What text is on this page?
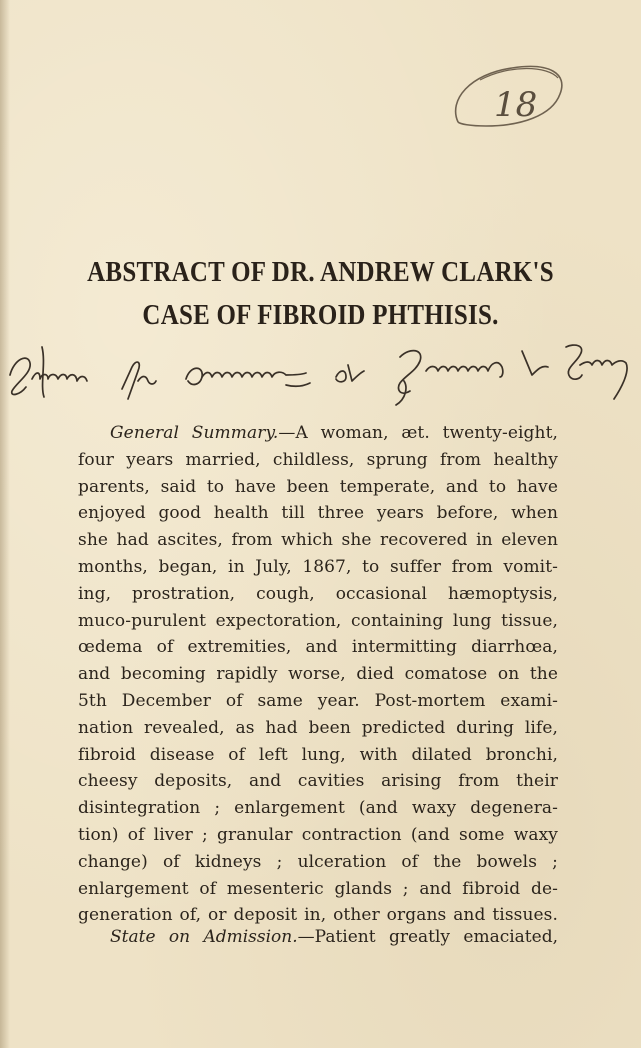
18
ABSTRACT OF DR. ANDREW CLARK'S
CASE OF FIBROID PHTHISIS.
General Summary.—A woman, æt. twenty-eight,
four years married, childless, sprung from healthy
parents, said to have been temperate, and to have
enjoyed good health till three years before, when
she had ascites, from which she recovered in eleven
months, began, in July, 1867, to suffer from vomit-
ing, prostration, cough, occasional hæmoptysis,
muco-purulent expectoration, containing lung tissue,
œdema of extremities, and intermitting diarrhœa,
and becoming rapidly worse, died comatose on the
5th December of same year. Post-mortem exami-
nation revealed, as had been predicted during life,
fibroid disease of left lung, with dilated bronchi,
cheesy deposits, and cavities arising from their
disintegration ; enlargement (and waxy degenera-
tion) of liver ; granular contraction (and some waxy
change) of kidneys ; ulceration of the bowels ;
enlargement of mesenteric glands ; and fibroid de-
generation of, or deposit in, other organs and tissues.
State on Admission.—Patient greatly emaciated,
